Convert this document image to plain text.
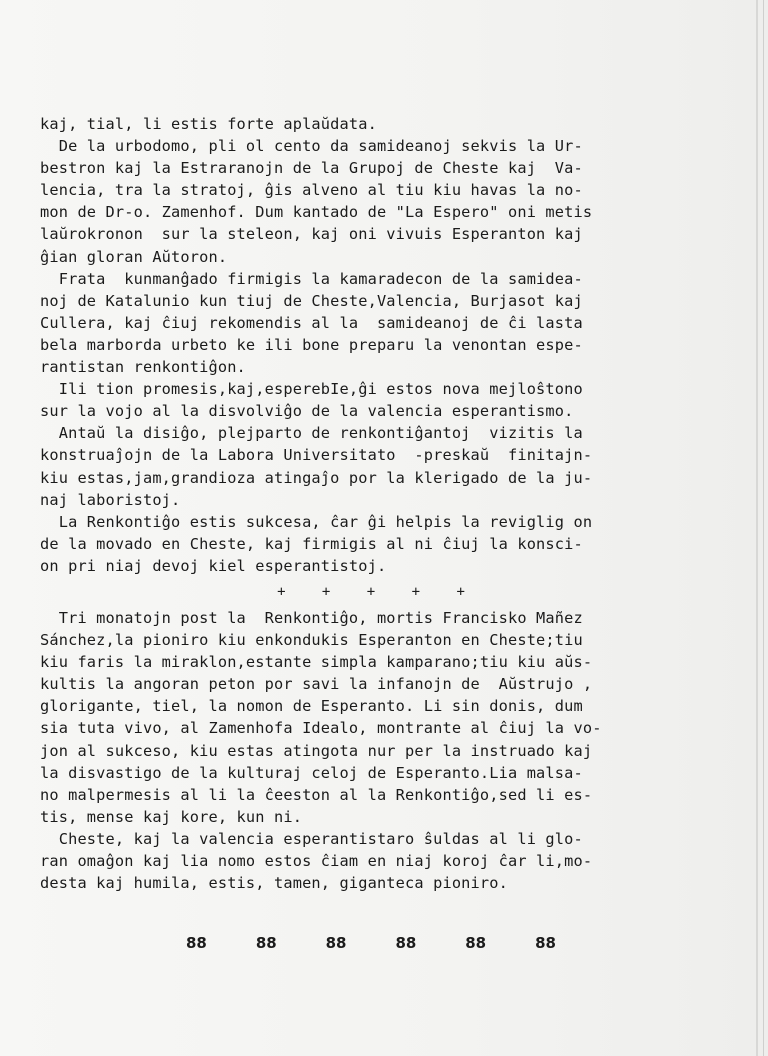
kaj, tial, li estis forte aplaŭdata.
De la urbodomo, pli ol cento da samideanoj sekvis la Ur-
bestron kaj la Estraranojn de la Grupoj de Cheste kaj  Va-
lencia, tra la stratoj, ĝis alveno al tiu kiu havas la no-
mon de Dr-o. Zamenhof. Dum kantado de "La Espero" oni metis
laŭrokronon  sur la steleon, kaj oni vivuis Esperanton kaj
ĝian gloran Aŭtoron.
Frata  kunmanĝado firmigis la kamaradecon de la samidea-
noj de Katalunio kun tiuj de Cheste,Valencia, Burjasot kaj
Cullera, kaj ĉiuj rekomendis al la  samideanoj de ĉi lasta
bela marborda urbeto ke ili bone preparu la venontan espe-
rantistan renkontiĝon.
Ili tion promesis,kaj,esperebIe,ĝi estos nova mejloŝtono
sur la vojo al la disvolviĝo de la valencia esperantismo.
Antaŭ la disiĝo, plejparto de renkontiĝantoj  vizitis la
konstruaĵojn de la Labora Universitato  -preskaŭ  finitajn-
kiu estas,jam,grandioza atingaĵo por la klerigado de la ju-
naj laboristoj.
La Renkontiĝo estis sukcesa, ĉar ĝi helpis la reviglig on
de la movado en Cheste, kaj firmigis al ni ĉiuj la konsci-
on pri niaj devoj kiel esperantistoj.
+ + + + +
Tri monatojn post la  Renkontiĝo, mortis Francisko Mañez
Sánchez,la pioniro kiu enkondukis Esperanton en Cheste;tiu
kiu faris la miraklon,estante simpla kamparano;tiu kiu aŭs-
kultis la angoran peton por savi la infanojn de  Aŭstrujo ,
glorigante, tiel, la nomon de Esperanto. Li sin donis, dum
sia tuta vivo, al Zamenhofa Idealo, montrante al ĉiuj la vo-
jon al sukceso, kiu estas atingota nur per la instruado kaj
la disvastigo de la kulturaj celoj de Esperanto.Lia malsa-
no malpermesis al li la ĉeeston al la Renkontiĝo,sed li es-
tis, mense kaj kore, kun ni.
Cheste, kaj la valencia esperantistaro ŝuldas al li glo-
ran omaĝon kaj lia nomo estos ĉiam en niaj koroj ĉar li,mo-
desta kaj humila, estis, tamen, giganteca pioniro.
88	88	88	88	88	88
